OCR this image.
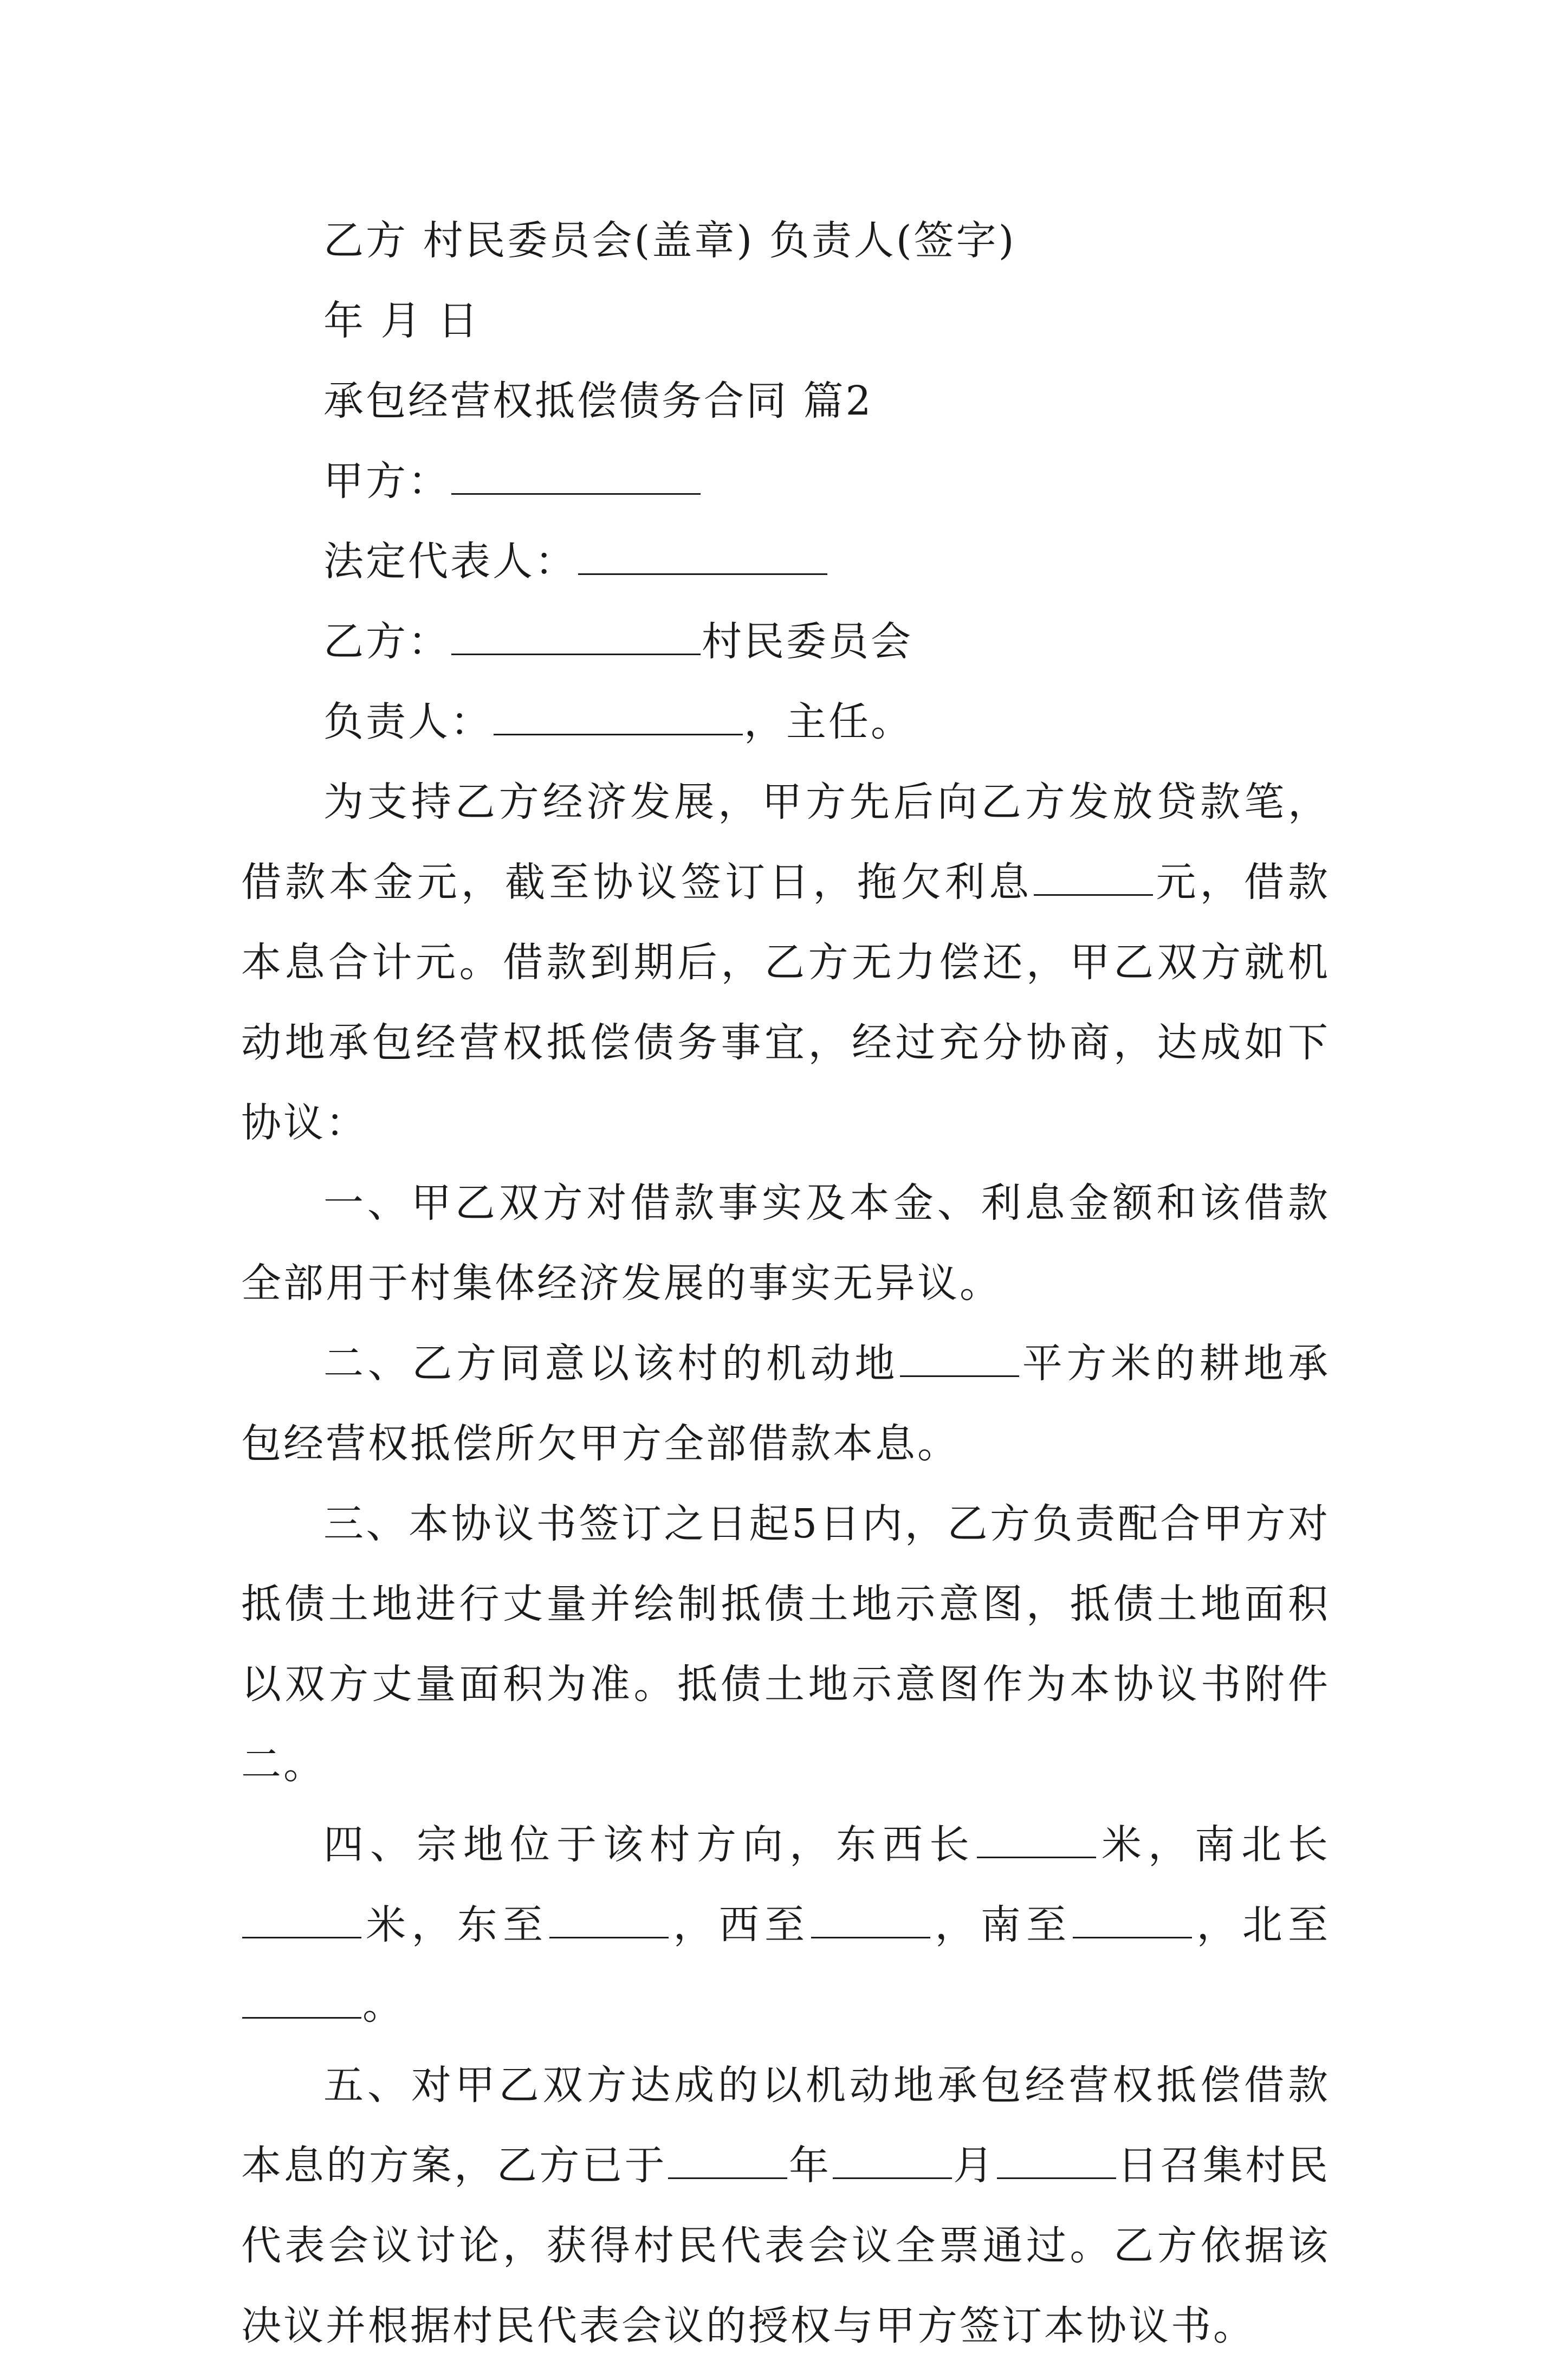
乙方 村民委员会(盖章) 负责人(签字)

年 月 日

承包经营权抵偿债务合同 篇2

甲方：

法定代表人：

乙方：	村民委员会

负责人：	，主任。

为支持乙方经济发展，甲方先后向乙方发放贷款笔，借款本金元，截至协议签订日，拖欠利息	元，借款本息合计元。借款到期后，乙方无力偿还，甲乙双方就机动地承包经营权抵偿债务事宜，经过充分协商，达成如下协议：

一、甲乙双方对借款事实及本金、利息金额和该借款全部用于村集体经济发展的事实无异议。

二、乙方同意以该村的机动地	平方米的耕地承包经营权抵偿所欠甲方全部借款本息。

三、本协议书签订之日起5日内，乙方负责配合甲方对抵债土地进行丈量并绘制抵债土地示意图，抵债土地面积以双方丈量面积为准。抵债土地示意图作为本协议书附件二。

四、宗地位于该村方向，东西长	米，南北长米，东至	，西至	，南至	，北至。

五、对甲乙双方达成的以机动地承包经营权抵偿借款本息的方案，乙方已于	年	月	日召集村民代表会议讨论，获得村民代表会议全票通过。乙方依据该决议并根据村民代表会议的授权与甲方签订本协议书。
